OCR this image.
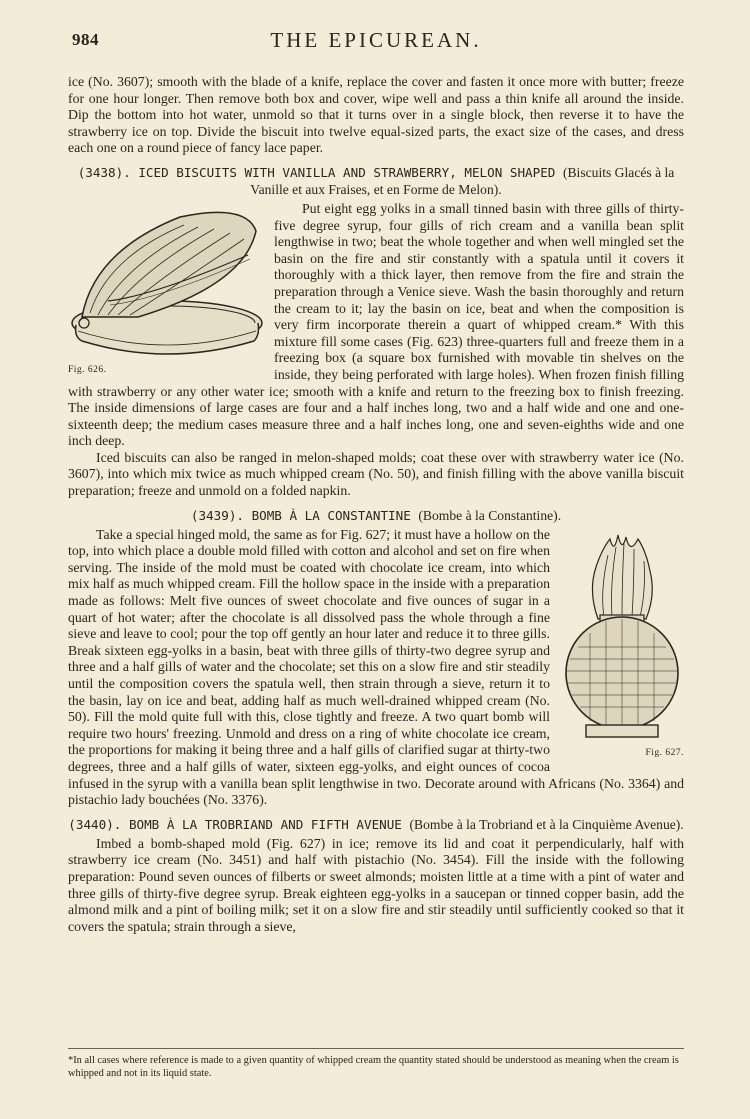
984	THE EPICUREAN.

ice (No. 3607); smooth with the blade of a knife, replace the cover and fasten it once more with butter; freeze for one hour longer. Then remove both box and cover, wipe well and pass a thin knife all around the inside. Dip the bottom into hot water, unmold so that it turns over in a single block, then reverse it to have the strawberry ice on top. Divide the biscuit into twelve equal-sized parts, the exact size of the cases, and dress each one on a round piece of fancy lace paper.

(3438). ICED BISCUITS WITH VANILLA AND STRAWBERRY, MELON SHAPED (Biscuits Glacés à la Vanille et aux Fraises, et en Forme de Melon).
Fig. 626.

Put eight egg yolks in a small tinned basin with three gills of thirty-five degree syrup, four gills of rich cream and a vanilla bean split lengthwise in two; beat the whole together and when well mingled set the basin on the fire and stir constantly with a spatula until it covers it thoroughly with a thick layer, then remove from the fire and strain the preparation through a Venice sieve. Wash the basin thoroughly and return the cream to it; lay the basin on ice, beat and when the composition is very firm incorporate therein a quart of whipped cream.* With this mixture fill some cases (Fig. 623) three-quarters full and freeze them in a freezing box (a square box furnished with movable tin shelves on the inside, they being perforated with large holes). When frozen finish filling with strawberry or any other water ice; smooth with a knife and return to the freezing box to finish freezing. The inside dimensions of large cases are four and a half inches long, two and a half wide and one and one-sixteenth deep; the medium cases measure three and a half inches long, one and seven-eighths wide and one inch deep.

Iced biscuits can also be ranged in melon-shaped molds; coat these over with strawberry water ice (No. 3607), into which mix twice as much whipped cream (No. 50), and finish filling with the above vanilla biscuit preparation; freeze and unmold on a folded napkin.

(3439). BOMB À LA CONSTANTINE (Bombe à la Constantine).
Fig. 627.

Take a special hinged mold, the same as for Fig. 627; it must have a hollow on the top, into which place a double mold filled with cotton and alcohol and set on fire when serving. The inside of the mold must be coated with chocolate ice cream, into which mix half as much whipped cream. Fill the hollow space in the inside with a preparation made as follows: Melt five ounces of sweet chocolate and five ounces of sugar in a quart of hot water; after the chocolate is all dissolved pass the whole through a fine sieve and leave to cool; pour the top off gently an hour later and reduce it to three gills. Break sixteen egg-yolks in a basin, beat with three gills of thirty-two degree syrup and three and a half gills of water and the chocolate; set this on a slow fire and stir steadily until the composition covers the spatula well, then strain through a sieve, return it to the basin, lay on ice and beat, adding half as much well-drained whipped cream (No. 50). Fill the mold quite full with this, close tightly and freeze. A two quart bomb will require two hours' freezing. Unmold and dress on a ring of white chocolate ice cream, the proportions for making it being three and a half gills of clarified sugar at thirty-two degrees, three and a half gills of water, sixteen egg-yolks, and eight ounces of cocoa infused in the syrup with a vanilla bean split lengthwise in two. Decorate around with Africans (No. 3364) and pistachio lady bouchées (No. 3376).

(3440). BOMB À LA TROBRIAND AND FIFTH AVENUE (Bombe à la Trobriand et à la Cinquième Avenue).

Imbed a bomb-shaped mold (Fig. 627) in ice; remove its lid and coat it perpendicularly, half with strawberry ice cream (No. 3451) and half with pistachio (No. 3454). Fill the inside with the following preparation: Pound seven ounces of filberts or sweet almonds; moisten little at a time with a pint of water and three gills of thirty-five degree syrup. Break eighteen egg-yolks in a saucepan or tinned copper basin, add the almond milk and a pint of boiling milk; set it on a slow fire and stir steadily until sufficiently cooked so that it covers the spatula; strain through a sieve,

*In all cases where reference is made to a given quantity of whipped cream the quantity stated should be understood as meaning when the cream is whipped and not in its liquid state.
